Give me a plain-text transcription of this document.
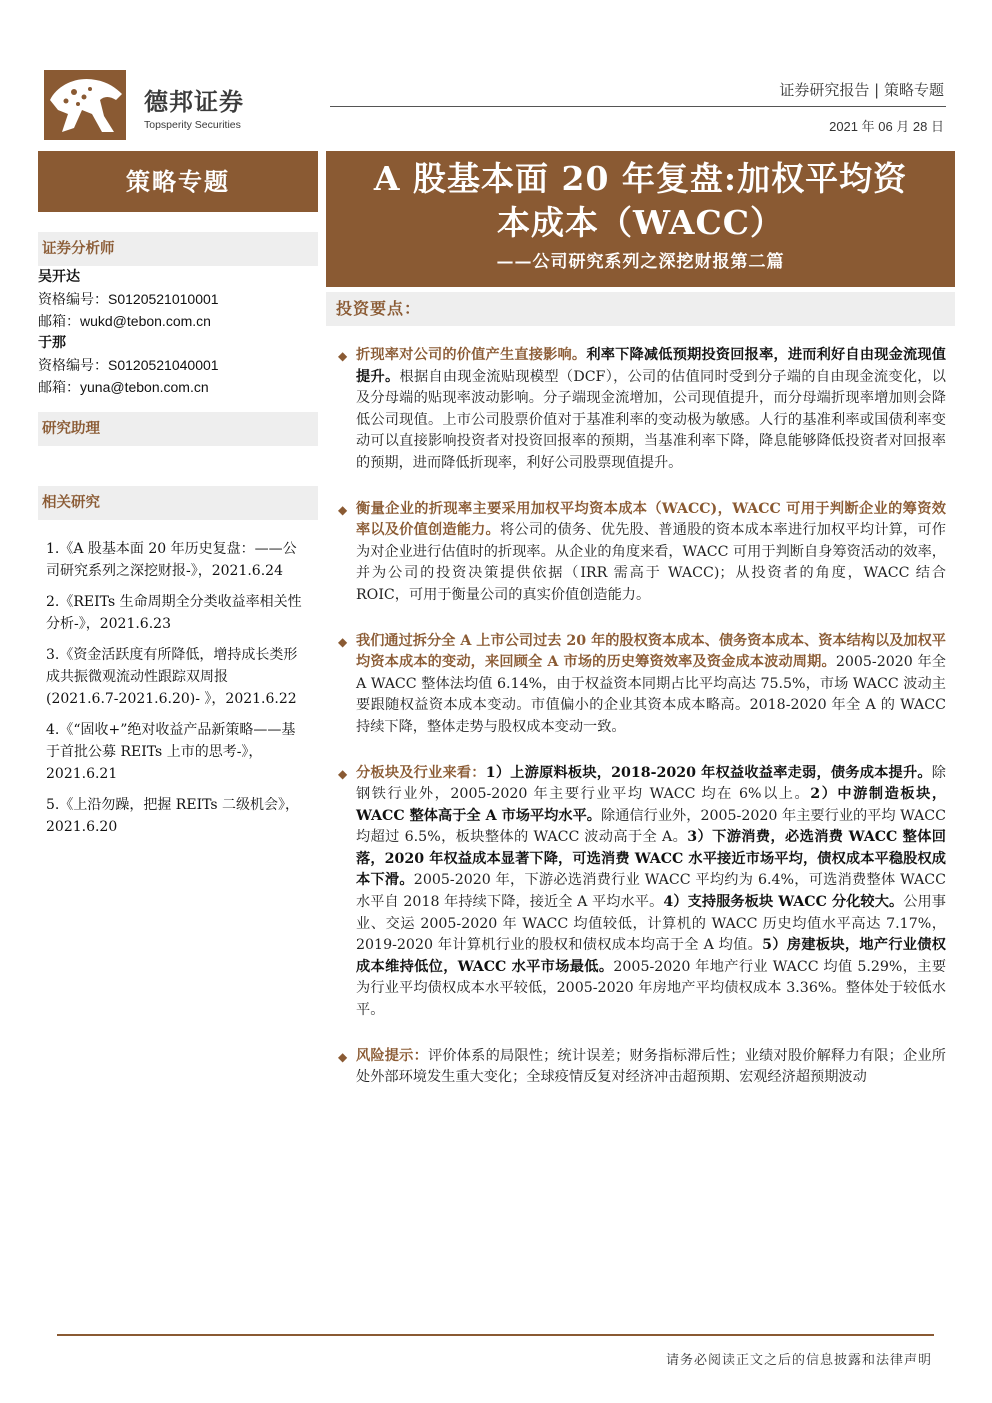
德邦证券
Topsperity Securities
证券研究报告 | 策略专题
2021 年 06 月 28 日
策略专题
证券分析师
吴开达
资格编号：S0120521010001
邮箱：wukd@tebon.com.cn
于那
资格编号：S0120521040001
邮箱：yuna@tebon.com.cn
研究助理
相关研究
1.《A 股基本面 20 年历史复盘：——公司研究系列之深挖财报-》，2021.6.24
2.《REITs 生命周期全分类收益率相关性分析-》，2021.6.23
3.《资金活跃度有所降低，增持成长类形成共振微观流动性跟踪双周报 (2021.6.7-2021.6.20)- 》，2021.6.22
4.《“固收+”绝对收益产品新策略——基于首批公募 REITs 上市的思考-》，2021.6.21
5.《上沿勿躁，把握 REITs 二级机会》，2021.6.20
A 股基本面 20 年复盘:加权平均资
本成本（WACC）
——公司研究系列之深挖财报第二篇
投资要点：
◆ 折现率对公司的价值产生直接影响。利率下降减低预期投资回报率，进而利好自由现金流现值提升。根据自由现金流贴现模型（DCF），公司的估值同时受到分子端的自由现金流变化，以及分母端的贴现率波动影响。分子端现金流增加，公司现值提升，而分母端折现率增加则会降低公司现值。上市公司股票价值对于基准利率的变动极为敏感。人行的基准利率或国债利率变动可以直接影响投资者对投资回报率的预期，当基准利率下降，降息能够降低投资者对回报率的预期，进而降低折现率，利好公司股票现值提升。
◆ 衡量企业的折现率主要采用加权平均资本成本（WACC)，WACC 可用于判断企业的筹资效率以及价值创造能力。将公司的债务、优先股、普通股的资本成本率进行加权平均计算，可作为对企业进行估值时的折现率。从企业的角度来看，WACC 可用于判断自身筹资活动的效率，并为公司的投资决策提供依据（IRR 需高于 WACC)；从投资者的角度，WACC 结合 ROIC，可用于衡量公司的真实价值创造能力。
◆ 我们通过拆分全 A 上市公司过去 20 年的股权资本成本、债务资本成本、资本结构以及加权平均资本成本的变动，来回顾全 A 市场的历史筹资效率及资金成本波动周期。2005-2020 年全 A WACC 整体法均值 6.14%，由于权益资本同期占比平均高达 75.5%，市场 WACC 波动主要跟随权益资本成本变动。市值偏小的企业其资本成本略高。2018-2020 年全 A 的 WACC 持续下降，整体走势与股权成本变动一致。
◆ 分板块及行业来看：1）上游原料板块，2018-2020 年权益收益率走弱，债务成本提升。除钢铁行业外，2005-2020 年主要行业平均 WACC 均在 6%以上。2）中游制造板块，WACC 整体高于全 A 市场平均水平。除通信行业外，2005-2020 年主要行业的平均 WACC 均超过 6.5%，板块整体的 WACC 波动高于全 A。3）下游消费，必选消费 WACC 整体回落，2020 年权益成本显著下降，可选消费 WACC 水平接近市场平均，债权成本平稳股权成本下滑。2005-2020 年，下游必选消费行业 WACC 平均约为 6.4%，可选消费整体 WACC 水平自 2018 年持续下降，接近全 A 平均水平。4）支持服务板块 WACC 分化较大。公用事业、交运 2005-2020 年 WACC 均值较低，计算机的 WACC 历史均值水平高达 7.17%，2019-2020 年计算机行业的股权和债权成本均高于全 A 均值。5）房建板块，地产行业债权成本维持低位，WACC 水平市场最低。2005-2020 年地产行业 WACC 均值 5.29%，主要为行业平均债权成本水平较低，2005-2020 年房地产平均债权成本 3.36%。整体处于较低水平。
◆ 风险提示：评价体系的局限性；统计误差；财务指标滞后性；业绩对股价解释力有限；企业所处外部环境发生重大变化；全球疫情反复对经济冲击超预期、宏观经济超预期波动
请务必阅读正文之后的信息披露和法律声明
